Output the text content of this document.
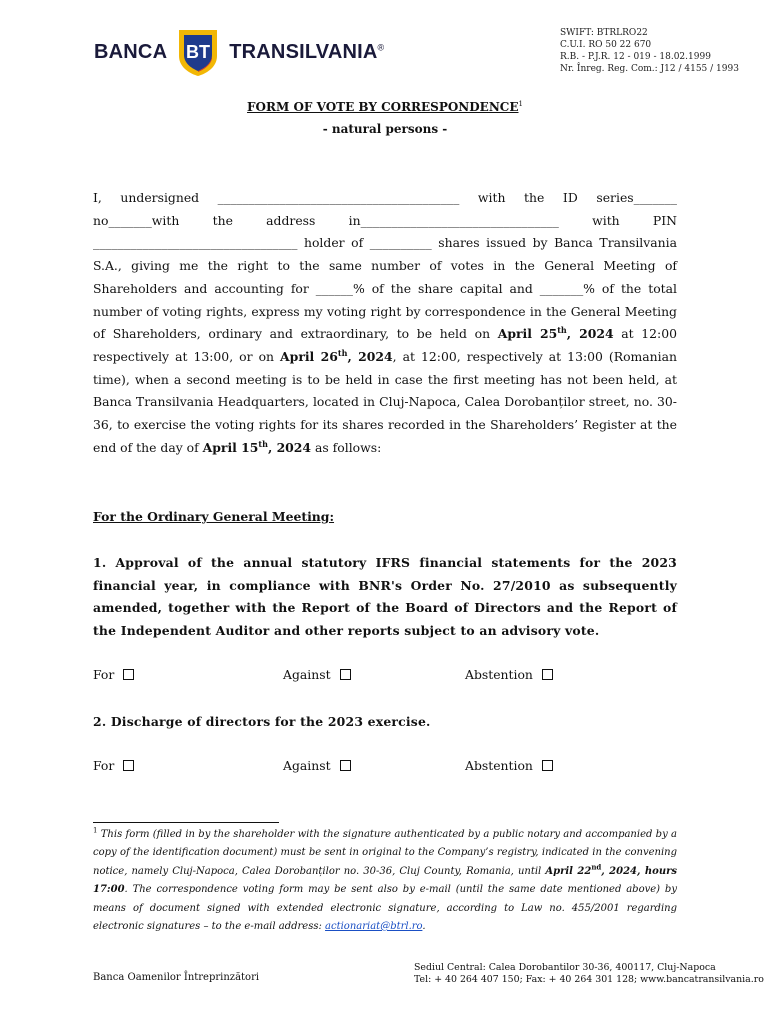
BANCA BT TRANSILVANIA®
SWIFT: BTRLRO22
C.U.I. RO 50 22 670
R.B. - P.J.R. 12 - 019 - 18.02.1999
Nr. Înreg. Reg. Com.: J12 / 4155 / 1993
FORM OF VOTE BY CORRESPONDENCE$^1$
- natural persons -
I, undersigned _______________________________________ with the ID series_______ no_______with the address in________________________________ with PIN _________________________________ holder of __________ shares issued by Banca Transilvania S.A., giving me the right to the same number of votes in the General Meeting of Shareholders and accounting for ______% of the share capital and _______% of the total number of voting rights, express my voting right by correspondence in the General Meeting of Shareholders, ordinary and extraordinary, to be held on April 25th, 2024 at 12:00 respectively at 13:00, or on April 26th, 2024, at 12:00, respectively at 13:00 (Romanian time), when a second meeting is to be held in case the first meeting has not been held, at Banca Transilvania Headquarters, located in Cluj-Napoca, Calea Dorobanților street, no. 30-36, to exercise the voting rights for its shares recorded in the Shareholders’ Register at the end of the day of April 15th, 2024 as follows:
For the Ordinary General Meeting:
1. Approval of the annual statutory IFRS financial statements for the 2023 financial year, in compliance with BNR's Order No. 27/2010 as subsequently amended, together with the Report of the Board of Directors and the Report of the Independent Auditor and other reports subject to an advisory vote.
For	Against	Abstention
2. Discharge of directors for the 2023 exercise.
For	Against	Abstention
$^1$ This form (filled in by the shareholder with the signature authenticated by a public notary and accompanied by a copy of the identification document) must be sent in original to the Company’s registry, indicated in the convening notice, namely Cluj-Napoca, Calea Dorobanților no. 30-36, Cluj County, Romania, until April 22nd, 2024, hours 17:00. The correspondence voting form may be sent also by e-mail (until the same date mentioned above) by means of document signed with extended electronic signature, according to Law no. 455/2001 regarding electronic signatures – to the e-mail address: actionariat@btrl.ro.
Banca Oamenilor Întreprinzători
Sediul Central: Calea Dorobantilor 30-36, 400117, Cluj-Napoca
Tel: + 40 264 407 150; Fax: + 40 264 301 128; www.bancatransilvania.ro
